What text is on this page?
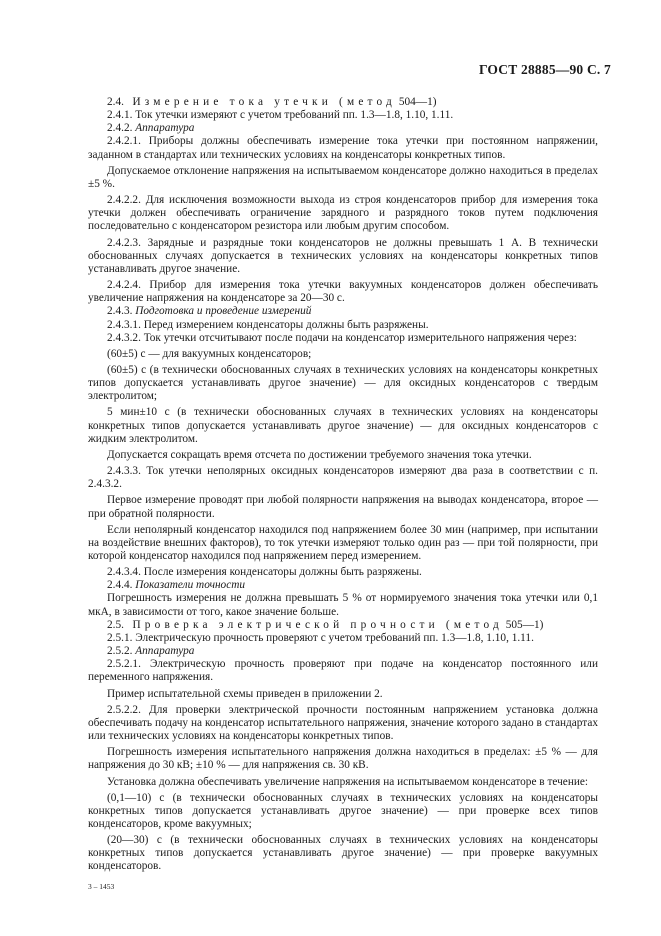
ГОСТ 28885—90 С. 7

2.4. Измерение тока утечки (метод 504—1)

2.4.1. Ток утечки измеряют с учетом требований пп. 1.3—1.8, 1.10, 1.11.

2.4.2. Аппаратура

2.4.2.1. Приборы должны обеспечивать измерение тока утечки при постоянном напряжении, заданном в стандартах или технических условиях на конденсаторы конкретных типов.

Допускаемое отклонение напряжения на испытываемом конденсаторе должно находиться в пределах ±5 %.

2.4.2.2. Для исключения возможности выхода из строя конденсаторов прибор для измерения тока утечки должен обеспечивать ограничение зарядного и разрядного токов путем подключения последовательно с конденсатором резистора или любым другим способом.

2.4.2.3. Зарядные и разрядные токи конденсаторов не должны превышать 1 А. В технически обоснованных случаях допускается в технических условиях на конденсаторы конкретных типов устанавливать другое значение.

2.4.2.4. Прибор для измерения тока утечки вакуумных конденсаторов должен обеспечивать увеличение напряжения на конденсаторе за 20—30 с.

2.4.3. Подготовка и проведение измерений

2.4.3.1. Перед измерением конденсаторы должны быть разряжены.

2.4.3.2. Ток утечки отсчитывают после подачи на конденсатор измерительного напряжения через:

(60±5) с — для вакуумных конденсаторов;

(60±5) с (в технически обоснованных случаях в технических условиях на конденсаторы конкретных типов допускается устанавливать другое значение) — для оксидных конденсаторов с твердым электролитом;

5 мин±10 с (в технически обоснованных случаях в технических условиях на конденсаторы конкретных типов допускается устанавливать другое значение) — для оксидных конденсаторов с жидким электролитом.

Допускается сокращать время отсчета по достижении требуемого значения тока утечки.

2.4.3.3. Ток утечки неполярных оксидных конденсаторов измеряют два раза в соответствии с п. 2.4.3.2.

Первое измерение проводят при любой полярности напряжения на выводах конденсатора, второе — при обратной полярности.

Если неполярный конденсатор находился под напряжением более 30 мин (например, при испытании на воздействие внешних факторов), то ток утечки измеряют только один раз — при той полярности, при которой конденсатор находился под напряжением перед измерением.

2.4.3.4. После измерения конденсаторы должны быть разряжены.

2.4.4. Показатели точности

Погрешность измерения не должна превышать 5 % от нормируемого значения тока утечки или 0,1 мкА, в зависимости от того, какое значение больше.

2.5. Проверка электрической прочности (метод 505—1)

2.5.1. Электрическую прочность проверяют с учетом требований пп. 1.3—1.8, 1.10, 1.11.

2.5.2. Аппаратура

2.5.2.1. Электрическую прочность проверяют при подаче на конденсатор постоянного или переменного напряжения.

Пример испытательной схемы приведен в приложении 2.

2.5.2.2. Для проверки электрической прочности постоянным напряжением установка должна обеспечивать подачу на конденсатор испытательного напряжения, значение которого задано в стандартах или технических условиях на конденсаторы конкретных типов.

Погрешность измерения испытательного напряжения должна находиться в пределах: ±5 % — для напряжения до 30 кВ; ±10 % — для напряжения св. 30 кВ.

Установка должна обеспечивать увеличение напряжения на испытываемом конденсаторе в течение:

(0,1—10) с (в технически обоснованных случаях в технических условиях на конденсаторы конкретных типов допускается устанавливать другое значение) — при проверке всех типов конденсаторов, кроме вакуумных;

(20—30) с (в технически обоснованных случаях в технических условиях на конденсаторы конкретных типов допускается устанавливать другое значение) — при проверке вакуумных конденсаторов.

3 – 1453
